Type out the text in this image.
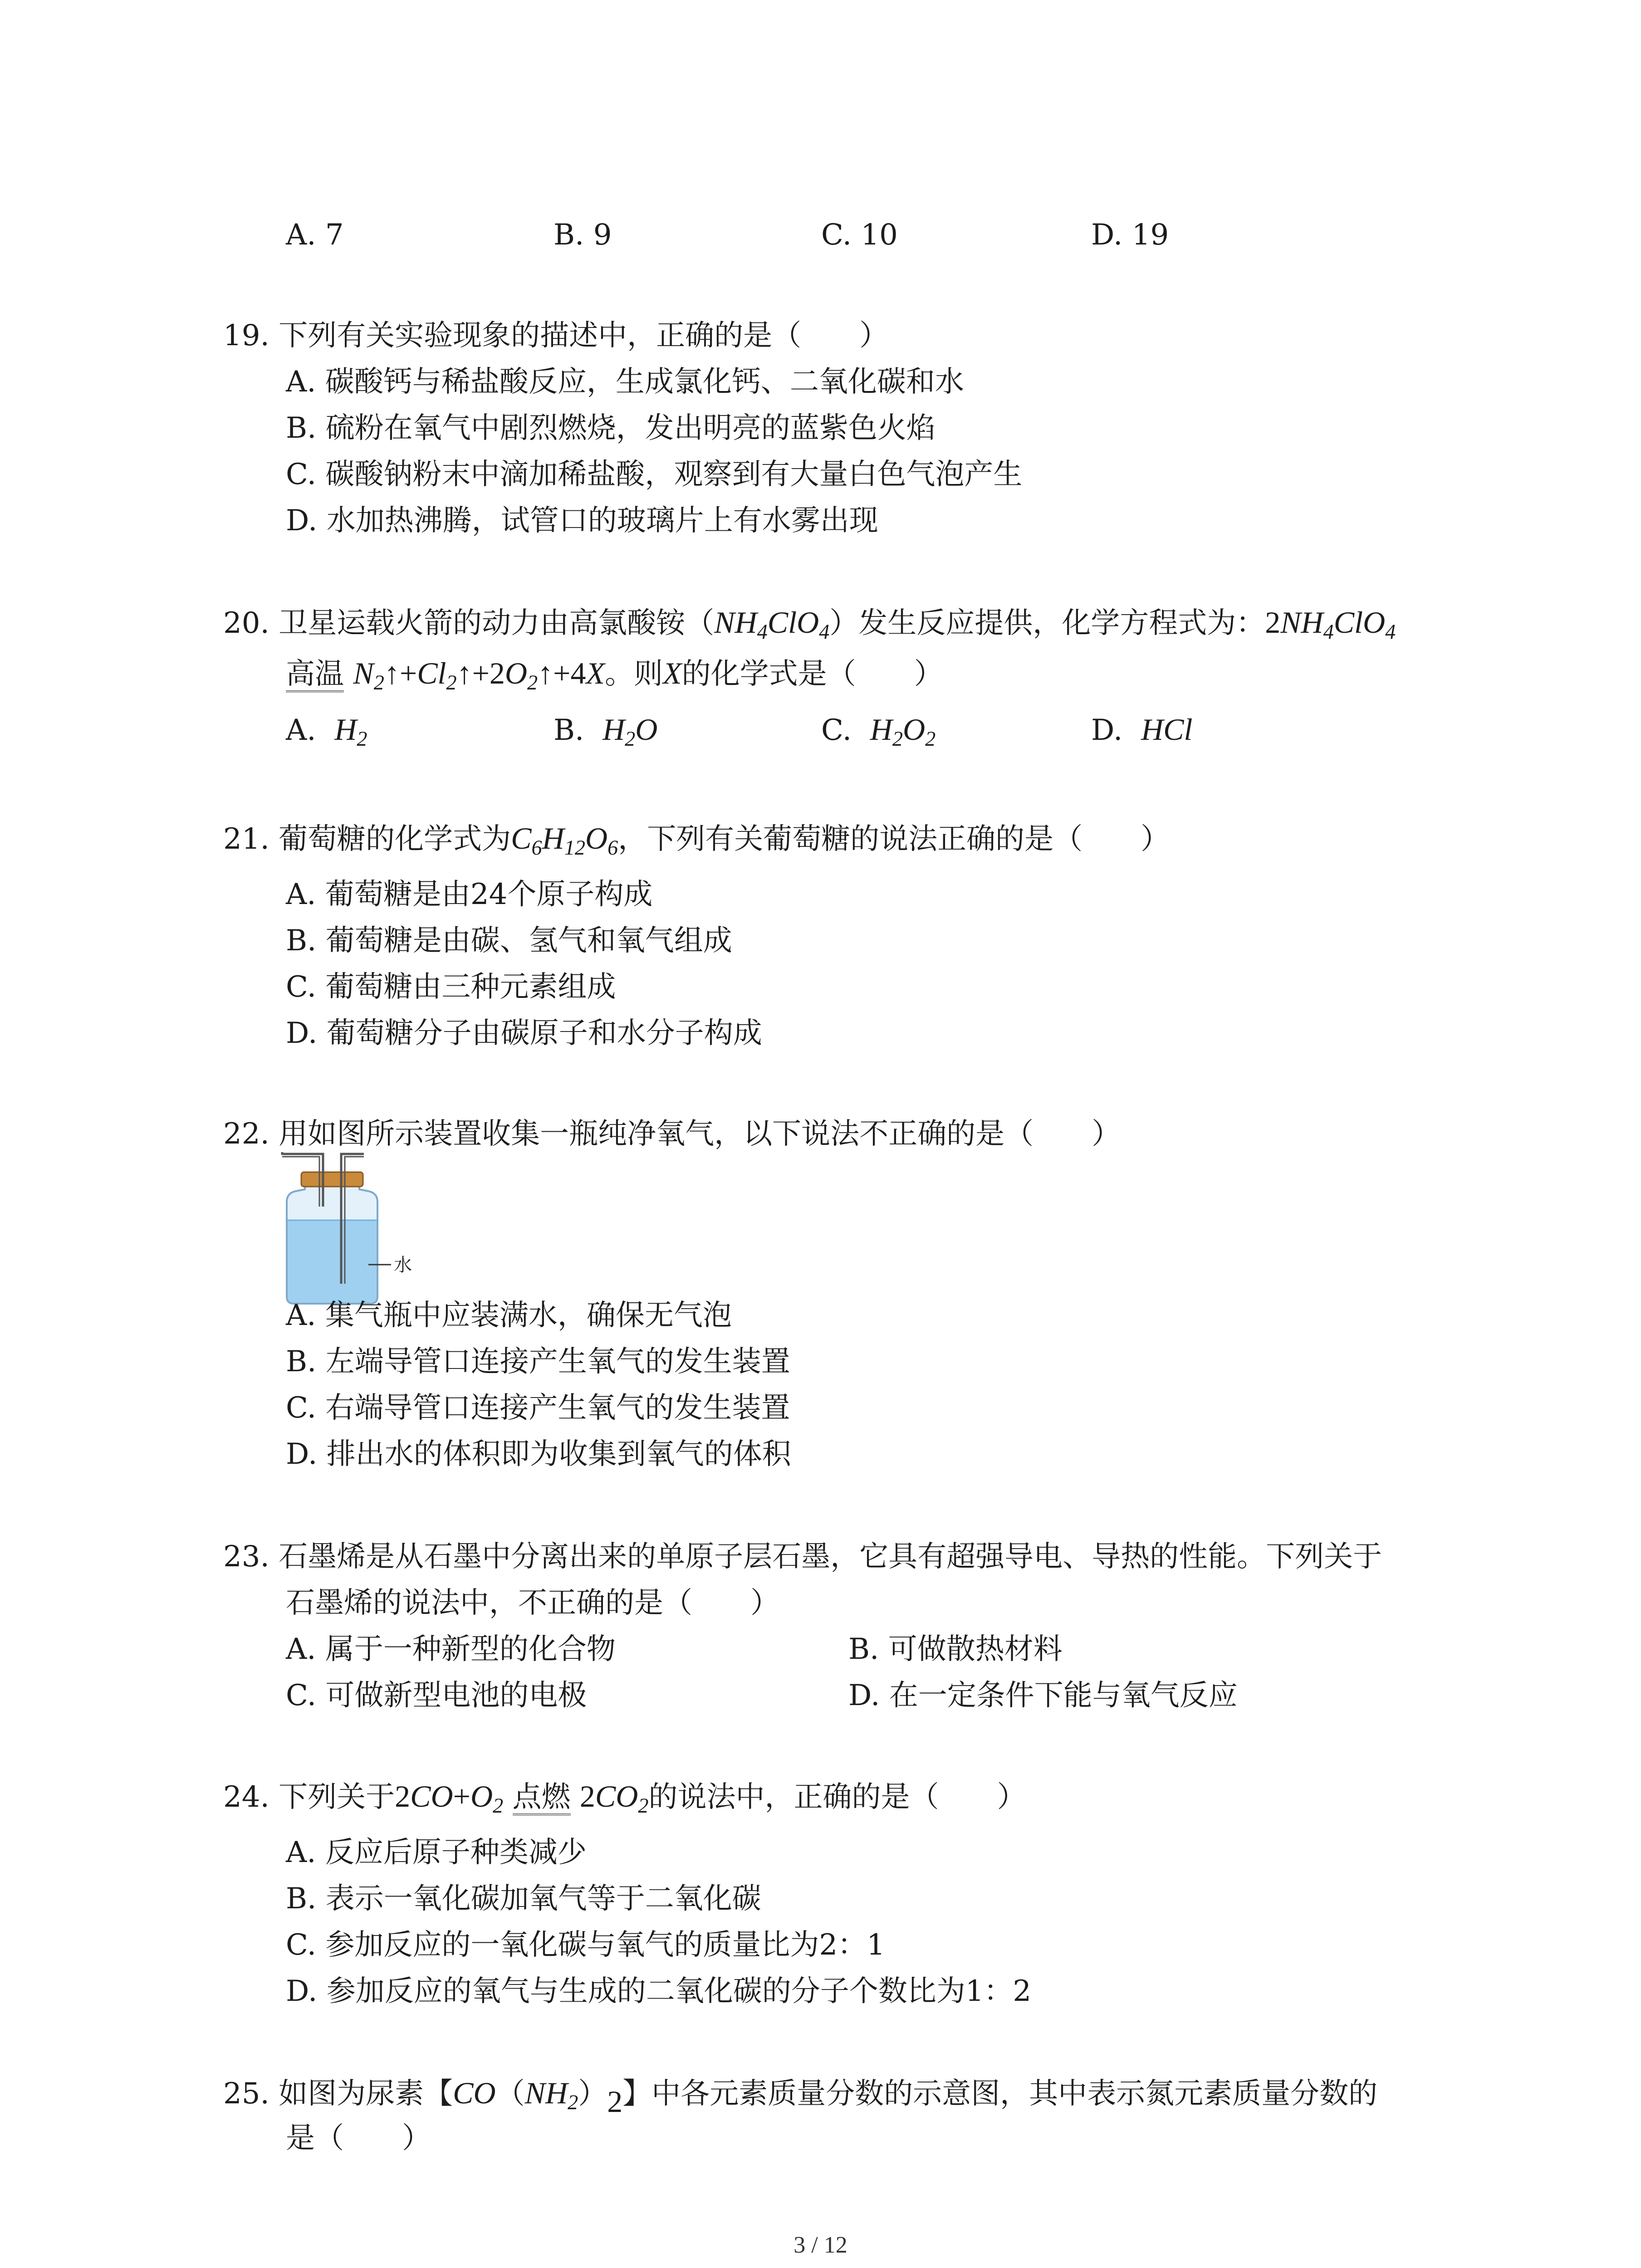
A. 7	B. 9	C. 10	D. 19
19. 下列有关实验现象的描述中，正确的是（　　）
A. 碳酸钙与稀盐酸反应，生成氯化钙、二氧化碳和水
B. 硫粉在氧气中剧烈燃烧，发出明亮的蓝紫色火焰
C. 碳酸钠粉末中滴加稀盐酸，观察到有大量白色气泡产生
D. 水加热沸腾，试管口的玻璃片上有水雾出现
20. 卫星运载火箭的动力由高氯酸铵$(NH_4ClO_4)$发生反应提供，化学方程式为：$2NH_4ClO_4$
高温 $N_2↑+Cl_2↑+2O_2↑+4X$。则X的化学式是（　　）
A. $H_2$	B. $H_2O$	C. $H_2O_2$	D. HCl
21. 葡萄糖的化学式为$C_6H_{12}O_6$，下列有关葡萄糖的说法正确的是（　　）
A. 葡萄糖是由24个原子构成
B. 葡萄糖是由碳、氢气和氧气组成
C. 葡萄糖由三种元素组成
D. 葡萄糖分子由碳原子和水分子构成
22. 用如图所示装置收集一瓶纯净氧气，以下说法不正确的是（　　）
水
A. 集气瓶中应装满水，确保无气泡
B. 左端导管口连接产生氧气的发生装置
C. 右端导管口连接产生氧气的发生装置
D. 排出水的体积即为收集到氧气的体积
23. 石墨烯是从石墨中分离出来的单原子层石墨，它具有超强导电、导热的性能。下列关于
石墨烯的说法中，不正确的是（　　）
A. 属于一种新型的化合物	B. 可做散热材料
C. 可做新型电池的电极	D. 在一定条件下能与氧气反应
24. 下列关于$2CO+O_2$ 点燃 $2CO_2$的说法中，正确的是（　　）
A. 反应后原子种类减少
B. 表示一氧化碳加氧气等于二氧化碳
C. 参加反应的一氧化碳与氧气的质量比为2：1
D. 参加反应的氧气与生成的二氧化碳的分子个数比为1：2
25. 如图为尿素【$CO(NH_2)_2$】中各元素质量分数的示意图，其中表示氮元素质量分数的
是（　　）
3 / 12
